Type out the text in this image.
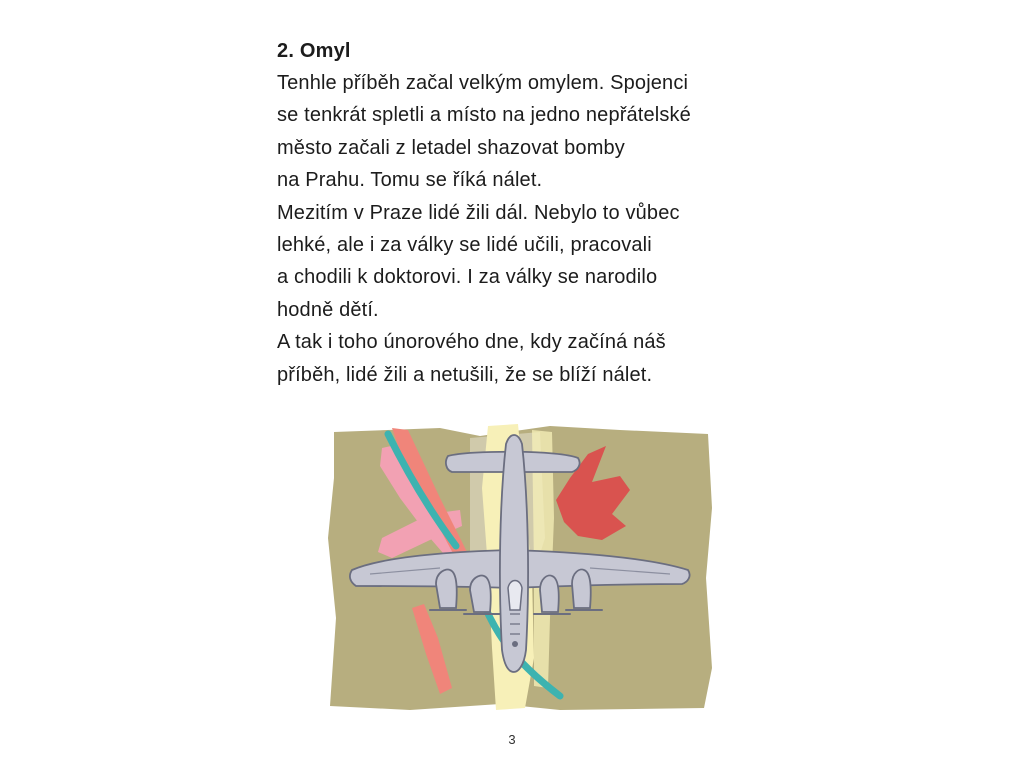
2. Omyl
Tenhle příběh začal velkým omylem. Spojenci
se tenkrát spletli a místo na jedno nepřátelské
město začali z letadel shazovat bomby
na Prahu. Tomu se říká nálet.
Mezitím v Praze lidé žili dál. Nebylo to vůbec
lehké, ale i za války se lidé učili, pracovali
a chodili k doktorovi. I za války se narodilo
hodně dětí.
A tak i toho únorového dne, kdy začíná náš
příběh, lidé žili a netušili, že se blíží nálet.
3
